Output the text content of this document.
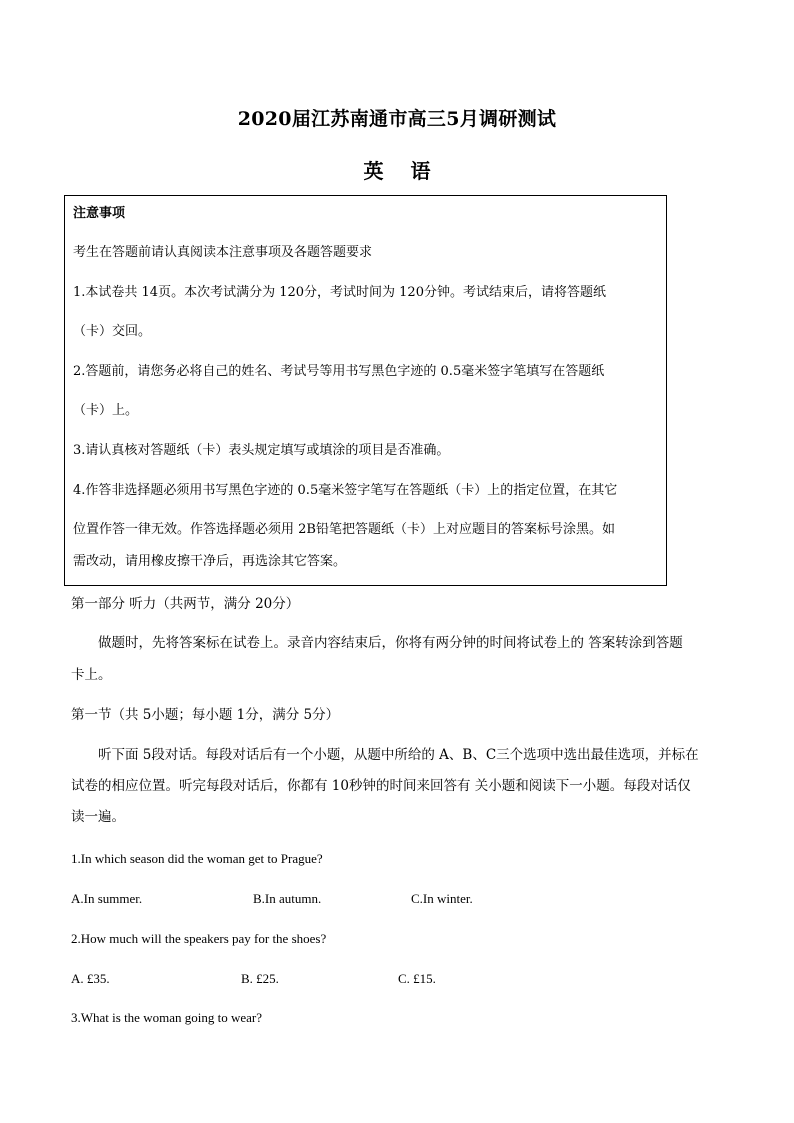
2020届江苏南通市高三5月调研测试
英 语
注意事项
考生在答题前请认真阅读本注意事项及各题答题要求
1.本试卷共 14页。本次考试满分为 120分，考试时间为 120分钟。考试结束后，请将答题纸
（卡）交回。
2.答题前，请您务必将自己的姓名、考试号等用书写黑色字迹的 0.5毫米签字笔填写在答题纸
（卡）上。
3.请认真核对答题纸（卡）表头规定填写或填涂的项目是否准确。
4.作答非选择题必须用书写黑色字迹的 0.5毫米签字笔写在答题纸（卡）上的指定位置，在其它
位置作答一律无效。作答选择题必须用 2B铅笔把答题纸（卡）上对应题目的答案标号涂黑。如
需改动，请用橡皮擦干净后，再选涂其它答案。
第一部分 听力（共两节，满分 20分）
做题时，先将答案标在试卷上。录音内容结束后，你将有两分钟的时间将试卷上的 答案转涂到答题
卡上。
第一节（共 5小题；每小题 1分，满分 5分）
听下面 5段对话。每段对话后有一个小题，从题中所给的 A、B、C三个选项中选出最佳选项，并标在
试卷的相应位置。听完每段对话后，你都有 10秒钟的时间来回答有 关小题和阅读下一小题。每段对话仅
读一遍。
1.In which season did the woman get to Prague?
A.In summer.	B.In autumn.	C.In winter.
2.How much will the speakers pay for the shoes?
A. £35.	B. £25.	C. £15.
3.What is the woman going to wear?
